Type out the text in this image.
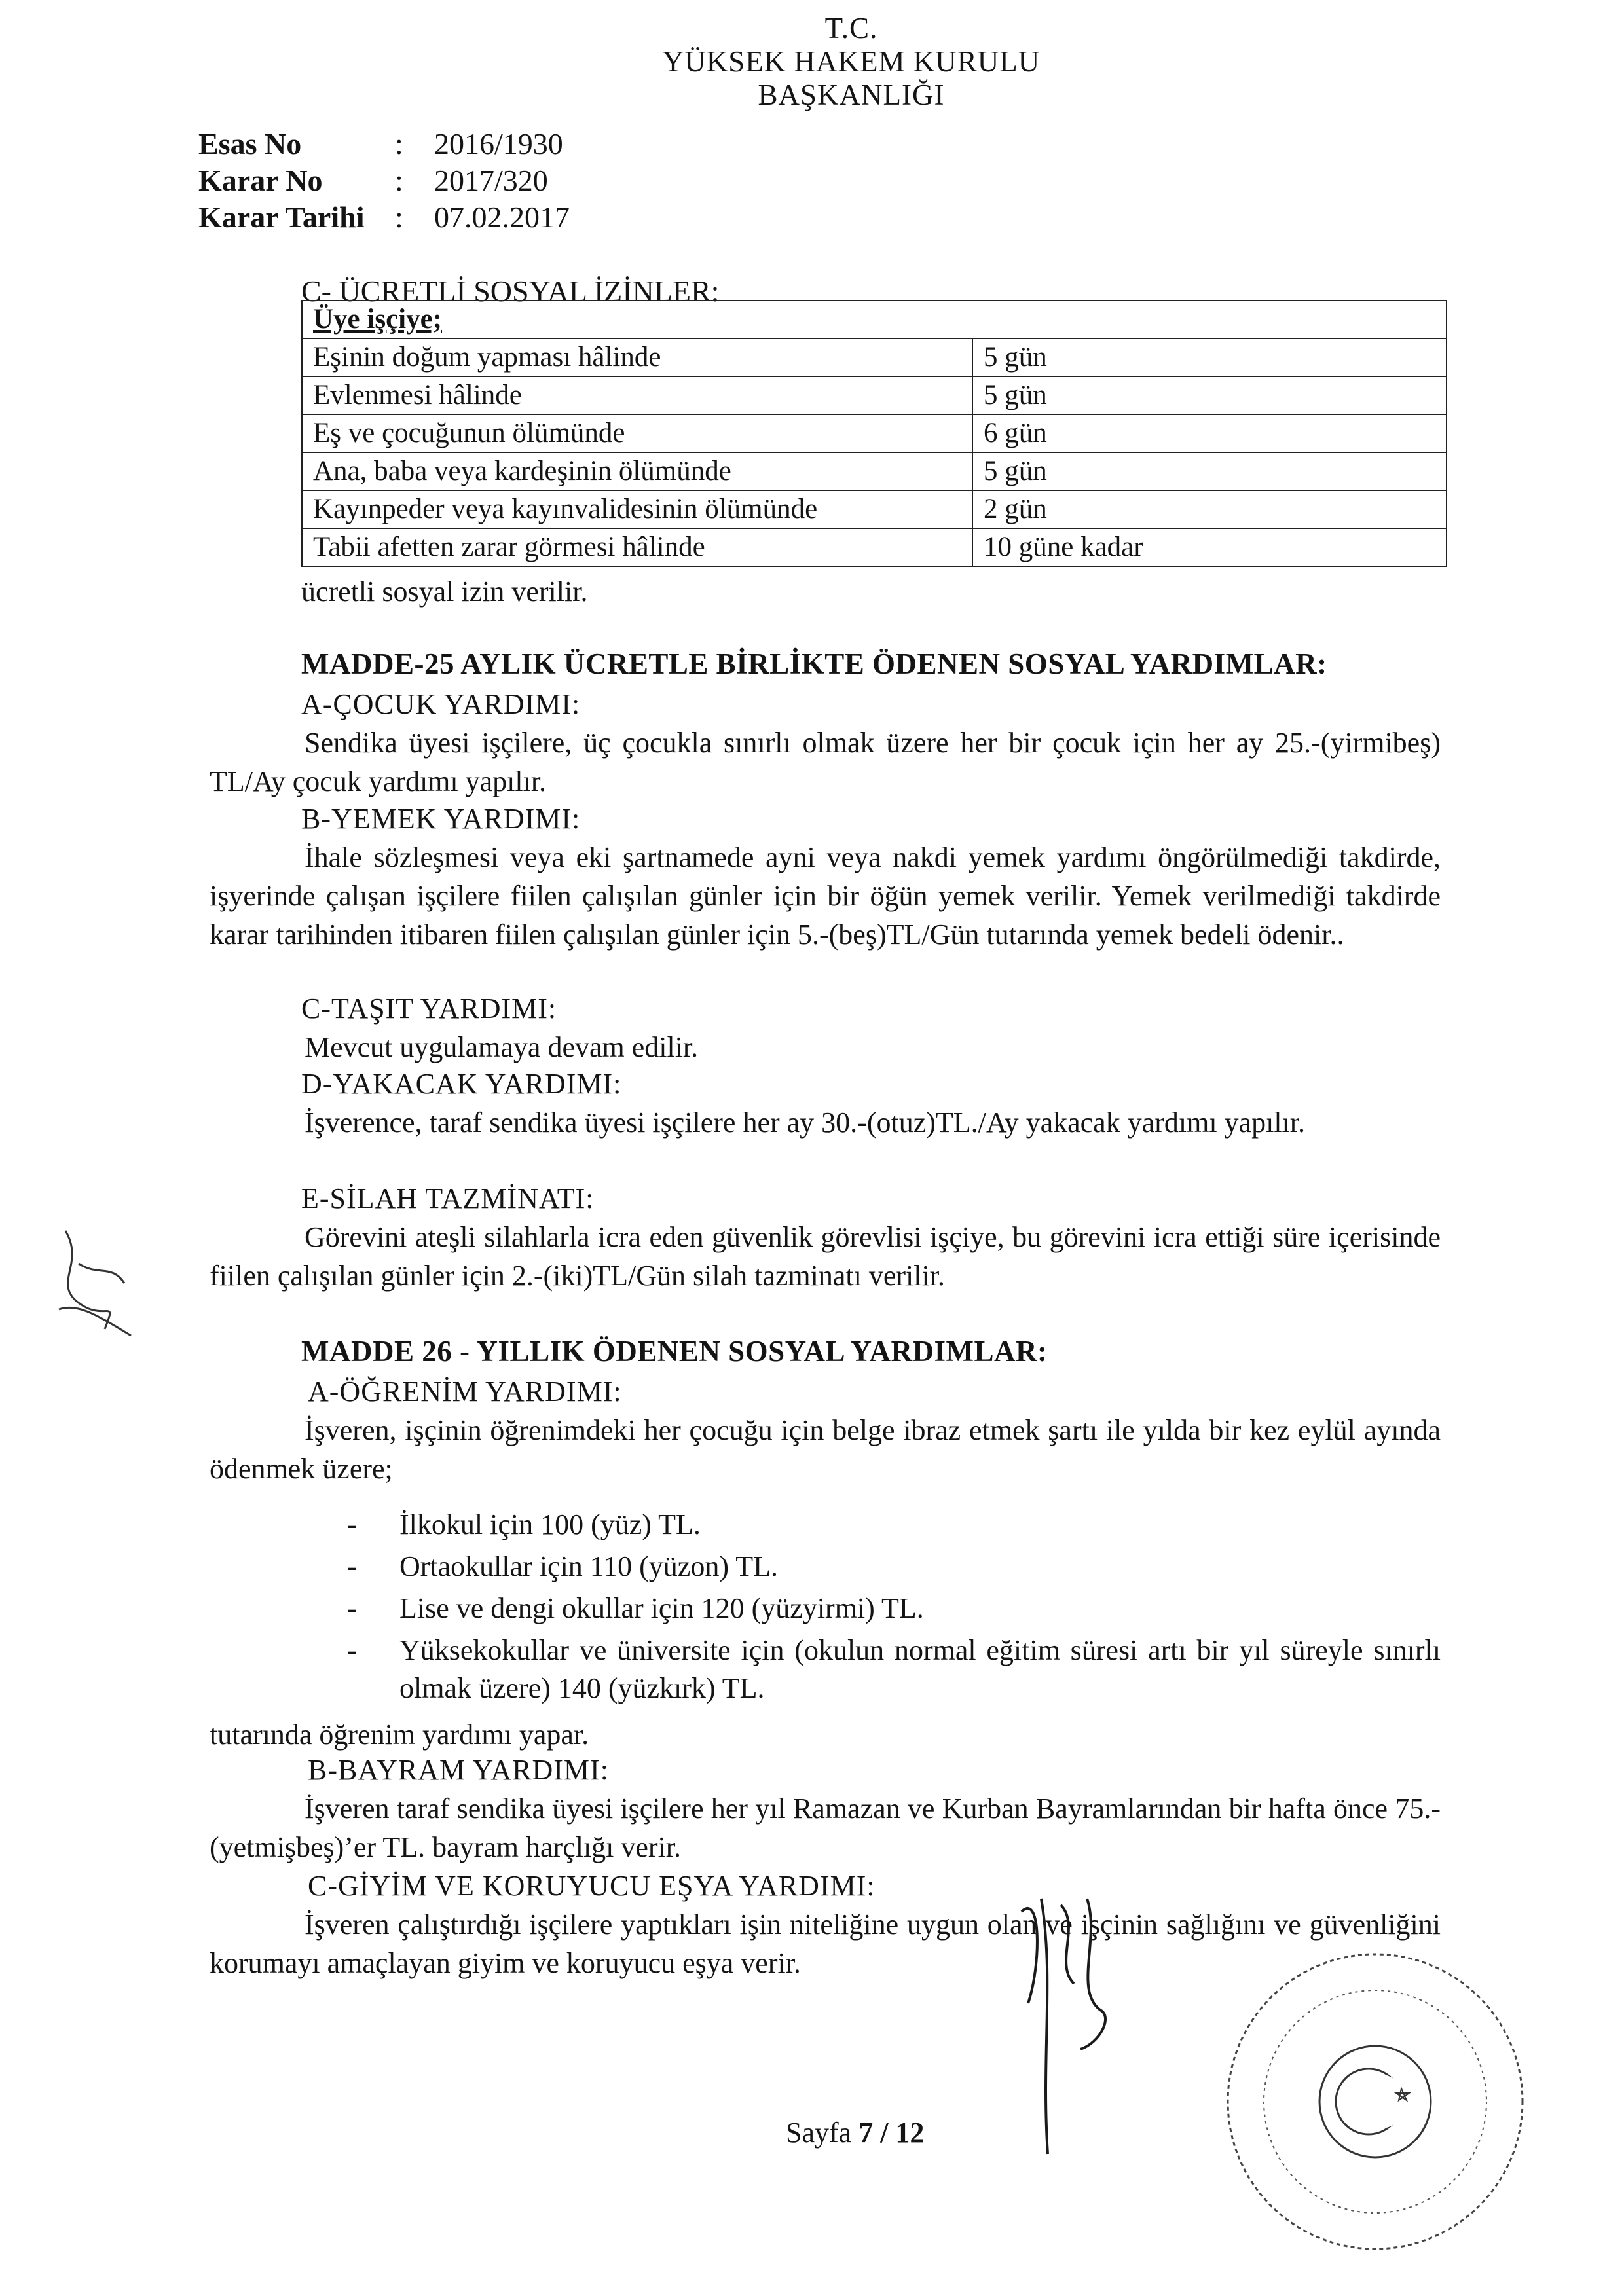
T.C.
YÜKSEK HAKEM KURULU
BAŞKANLIĞI
Esas No	:	2016/1930
Karar No	:	2017/320
Karar Tarihi	:	07.02.2017
C- ÜCRETLİ SOSYAL İZİNLER:
Üye işçiye;	
Eşinin doğum yapması hâlinde	5 gün
Evlenmesi hâlinde	5 gün
Eş ve çocuğunun ölümünde	6 gün
Ana, baba veya kardeşinin ölümünde	5 gün
Kayınpeder veya kayınvalidesinin ölümünde	2 gün
Tabii afetten zarar görmesi hâlinde	10 güne kadar
ücretli sosyal izin verilir.
MADDE-25 AYLIK ÜCRETLE BİRLİKTE ÖDENEN SOSYAL YARDIMLAR:
A-ÇOCUK YARDIMI:
Sendika üyesi işçilere, üç çocukla sınırlı olmak üzere her bir çocuk için her ay 25.-(yirmibeş) TL/Ay çocuk yardımı yapılır.
B-YEMEK YARDIMI:
İhale sözleşmesi veya eki şartnamede ayni veya nakdi yemek yardımı öngörülmediği takdirde, işyerinde çalışan işçilere fiilen çalışılan günler için bir öğün yemek verilir. Yemek verilmediği takdirde karar tarihinden itibaren fiilen çalışılan günler için 5.-(beş)TL/Gün tutarında yemek bedeli ödenir..
C-TAŞIT YARDIMI:
Mevcut uygulamaya devam edilir.
D-YAKACAK YARDIMI:
İşverence, taraf sendika üyesi işçilere her ay 30.-(otuz)TL./Ay yakacak yardımı yapılır.
E-SİLAH TAZMİNATI:
Görevini ateşli silahlarla icra eden güvenlik görevlisi işçiye, bu görevini icra ettiği süre içerisinde fiilen çalışılan günler için 2.-(iki)TL/Gün silah tazminatı verilir.
MADDE 26 - YILLIK ÖDENEN SOSYAL YARDIMLAR:
A-ÖĞRENİM YARDIMI:
İşveren, işçinin öğrenimdeki her çocuğu için belge ibraz etmek şartı ile yılda bir kez eylül ayında ödenmek üzere;
- İlkokul için 100 (yüz) TL.
- Ortaokullar için 110 (yüzon) TL.
- Lise ve dengi okullar için 120 (yüzyirmi) TL.
- Yüksekokullar ve üniversite için (okulun normal eğitim süresi artı bir yıl süreyle sınırlı olmak üzere) 140 (yüzkırk) TL.
tutarında öğrenim yardımı yapar.
B-BAYRAM YARDIMI:
İşveren taraf sendika üyesi işçilere her yıl Ramazan ve Kurban Bayramlarından bir hafta önce 75.-(yetmişbeş)’er TL. bayram harçlığı verir.
C-GİYİM VE KORUYUCU EŞYA YARDIMI:
İşveren çalıştırdığı işçilere yaptıkları işin niteliğine uygun olan ve işçinin sağlığını ve güvenliğini korumayı amaçlayan giyim ve koruyucu eşya verir.
Sayfa 7 / 12
